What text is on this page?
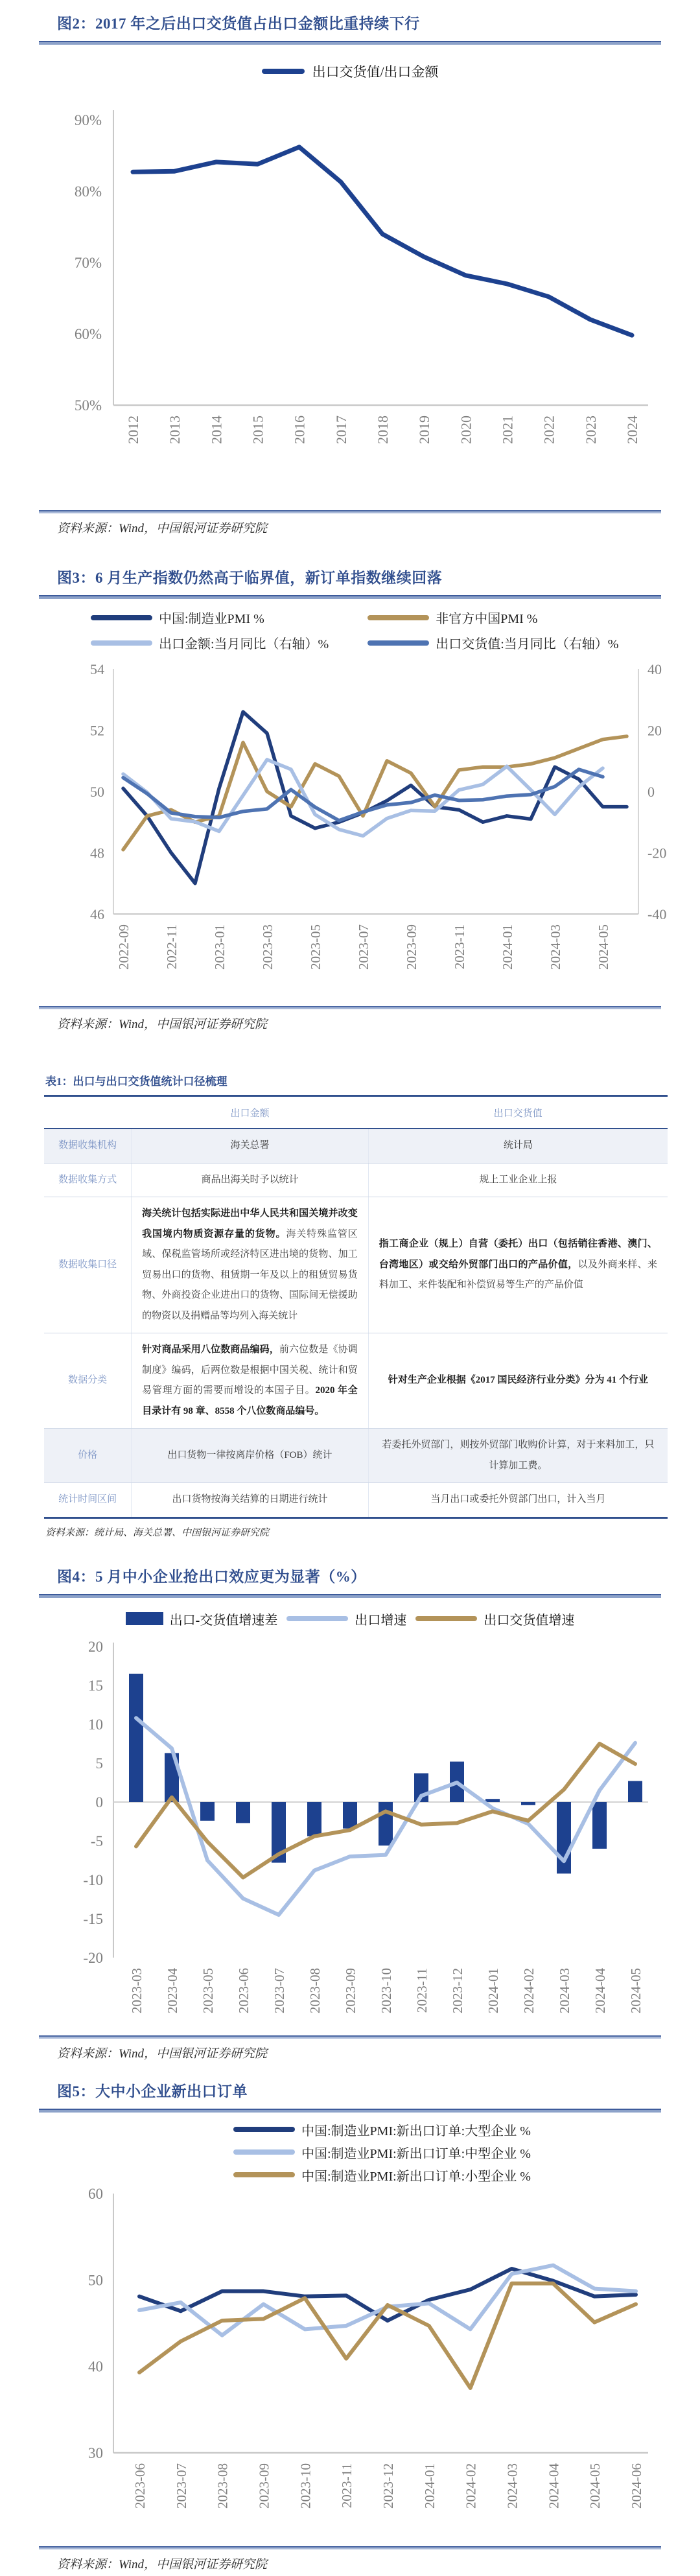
图2：2017 年之后出口交货值占出口金额比重持续下行
出口交货值/出口金额
90%
80%
70%
60%
50%
2012 2013 2014 2015 2016 2017 2018 2019 2020 2021 2022 2023 2024
资料来源：Wind，中国银河证券研究院
图3：6 月生产指数仍然高于临界值，新订单指数继续回落
中国:制造业PMI %	非官方中国PMI %
出口金额:当月同比（右轴）%	出口交货值:当月同比（右轴）%
54
52
50
48
46
40
20
0
-20
-40
2022-09 2022-11 2023-01 2023-03 2023-05 2023-07 2023-09 2023-11 2024-01 2024-03 2024-05
资料来源：Wind，中国银河证券研究院
表1：出口与出口交货值统计口径梳理
	出口金额	出口交货值
数据收集机构	海关总署	统计局
数据收集方式	商品出海关时予以统计	规上工业企业上报
数据收集口径	海关统计包括实际进出中华人民共和国关境并改变我国境内物质资源存量的货物。海关特殊监管区域、保税监管场所或经济特区进出境的货物、加工贸易出口的货物、租赁期一年及以上的租赁贸易货物、外商投资企业进出口的货物、国际间无偿援助的物资以及捐赠品等均列入海关统计	指工商企业（规上）自营（委托）出口（包括销往香港、澳门、台湾地区）或交给外贸部门出口的产品价值，以及外商来样、来料加工、来件装配和补偿贸易等生产的产品价值
数据分类	针对商品采用八位数商品编码，前六位数是《协调制度》编码，后两位数是根据中国关税、统计和贸易管理方面的需要而增设的本国子目。2020 年全目录计有 98 章、8558 个八位数商品编号。	针对生产企业根据《2017 国民经济行业分类》分为 41 个行业
价格	出口货物一律按离岸价格（FOB）统计	若委托外贸部门，则按外贸部门收购价计算，对于来料加工，只计算加工费。
统计时间区间	出口货物按海关结算的日期进行统计	当月出口或委托外贸部门出口，计入当月
资料来源：统计局、海关总署、中国银河证券研究院
图4：5 月中小企业抢出口效应更为显著（%）
出口-交货值增速差	出口增速	出口交货值增速
20
15
10
5
0
-5
-10
-15
-20
2023-03 2023-04 2023-05 2023-06 2023-07 2023-08 2023-09 2023-10 2023-11 2023-12 2024-01 2024-02 2024-03 2024-04 2024-05
资料来源：Wind，中国银河证券研究院
图5：大中小企业新出口订单
中国:制造业PMI:新出口订单:大型企业 %
中国:制造业PMI:新出口订单:中型企业 %
中国:制造业PMI:新出口订单:小型企业 %
60
50
40
30
2023-06 2023-07 2023-08 2023-09 2023-10 2023-11 2023-12 2024-01 2024-02 2024-03 2024-04 2024-05 2024-06
资料来源：Wind，中国银河证券研究院
